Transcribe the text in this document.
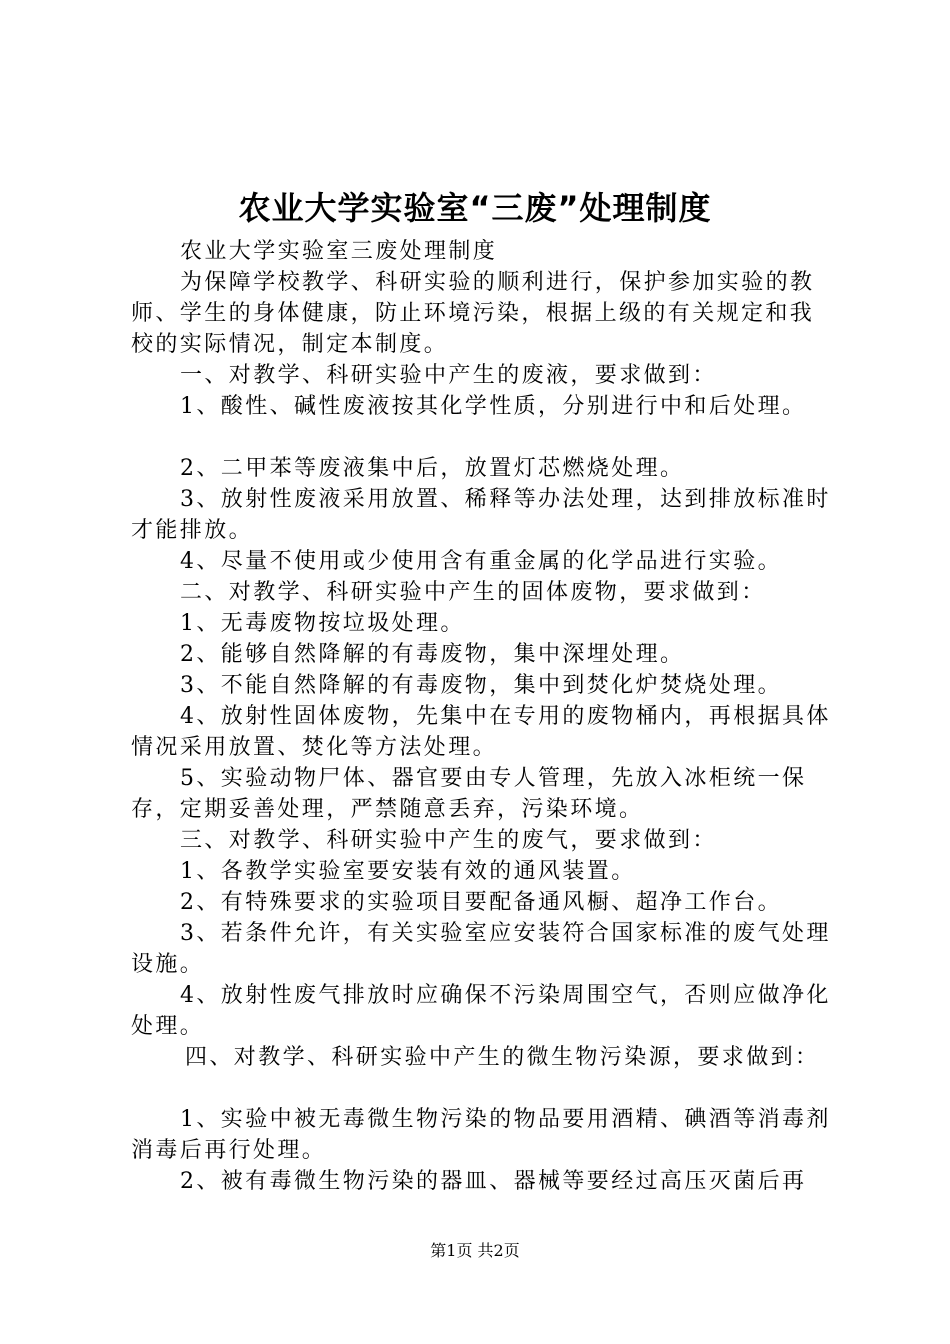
农业大学实验室“三废”处理制度

农业大学实验室三废处理制度

为保障学校教学、科研实验的顺利进行，保护参加实验的教师、学生的身体健康，防止环境污染，根据上级的有关规定和我校的实际情况，制定本制度。

一、对教学、科研实验中产生的废液，要求做到：

1、酸性、碱性废液按其化学性质，分别进行中和后处理。

2、二甲苯等废液集中后，放置灯芯燃烧处理。

3、放射性废液采用放置、稀释等办法处理，达到排放标准时才能排放。

4、尽量不使用或少使用含有重金属的化学品进行实验。

二、对教学、科研实验中产生的固体废物，要求做到：

1、无毒废物按垃圾处理。

2、能够自然降解的有毒废物，集中深埋处理。

3、不能自然降解的有毒废物，集中到焚化炉焚烧处理。

4、放射性固体废物，先集中在专用的废物桶内，再根据具体情况采用放置、焚化等方法处理。

5、实验动物尸体、器官要由专人管理，先放入冰柜统一保存，定期妥善处理，严禁随意丢弃，污染环境。

三、对教学、科研实验中产生的废气，要求做到：

1、各教学实验室要安装有效的通风装置。

2、有特殊要求的实验项目要配备通风橱、超净工作台。

3、若条件允许，有关实验室应安装符合国家标准的废气处理设施。

4、放射性废气排放时应确保不污染周围空气，否则应做净化处理。

四、对教学、科研实验中产生的微生物污染源，要求做到：

1、实验中被无毒微生物污染的物品要用酒精、碘酒等消毒剂消毒后再行处理。

2、被有毒微生物污染的器皿、器械等要经过高压灭菌后再

第1页 共2页
